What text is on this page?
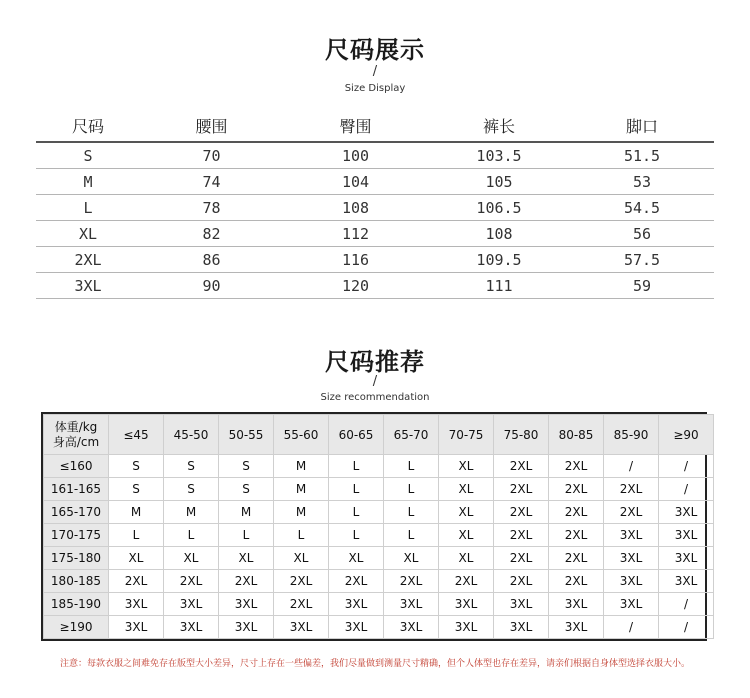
尺码展示
/
Size Display
尺码	腰围	臀围	裤长	脚口
S	70	100	103.5	51.5
M	74	104	105	53
L	78	108	106.5	54.5
XL	82	112	108	56
2XL	86	116	109.5	57.5
3XL	90	120	111	59
尺码推荐
/
Size recommendation
体重/kg
身高/cm	≤45	45-50	50-55	55-60	60-65	65-70	70-75	75-80	80-85	85-90	≥90
≤160	S	S	S	M	L	L	XL	2XL	2XL	/	/
161-165	S	S	S	M	L	L	XL	2XL	2XL	2XL	/
165-170	M	M	M	M	L	L	XL	2XL	2XL	2XL	3XL
170-175	L	L	L	L	L	L	XL	2XL	2XL	3XL	3XL
175-180	XL	XL	XL	XL	XL	XL	XL	2XL	2XL	3XL	3XL
180-185	2XL	2XL	2XL	2XL	2XL	2XL	2XL	2XL	2XL	3XL	3XL
185-190	3XL	3XL	3XL	2XL	3XL	3XL	3XL	3XL	3XL	3XL	/
≥190	3XL	3XL	3XL	3XL	3XL	3XL	3XL	3XL	3XL	/	/
注意：每款衣服之间难免存在版型大小差异，尺寸上存在一些偏差，我们尽量做到测量尺寸精确，但个人体型也存在差异，请亲们根据自身体型选择衣服大小。
